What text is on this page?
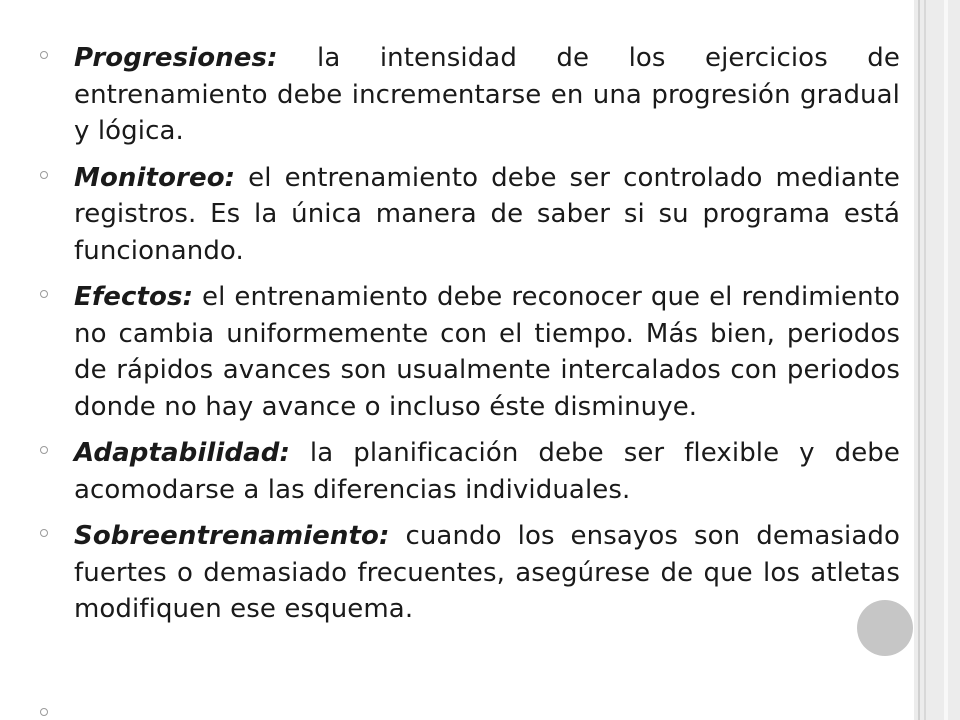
Progresiones: la intensidad de los ejercicios de entrenamiento debe incrementarse en una progresión gradual y lógica.
Monitoreo: el entrenamiento debe ser controlado mediante registros. Es la única manera de saber si su programa está funcionando.
Efectos: el entrenamiento debe reconocer que el rendimiento no cambia uniformemente con el tiempo. Más bien, periodos de rápidos avances son usualmente intercalados con periodos donde no hay avance o incluso éste disminuye.
Adaptabilidad: la planificación debe ser flexible y debe acomodarse a las diferencias individuales.
Sobreentrenamiento: cuando los ensayos son demasiado fuertes o demasiado frecuentes, asegúrese de que los atletas modifiquen ese esquema.
